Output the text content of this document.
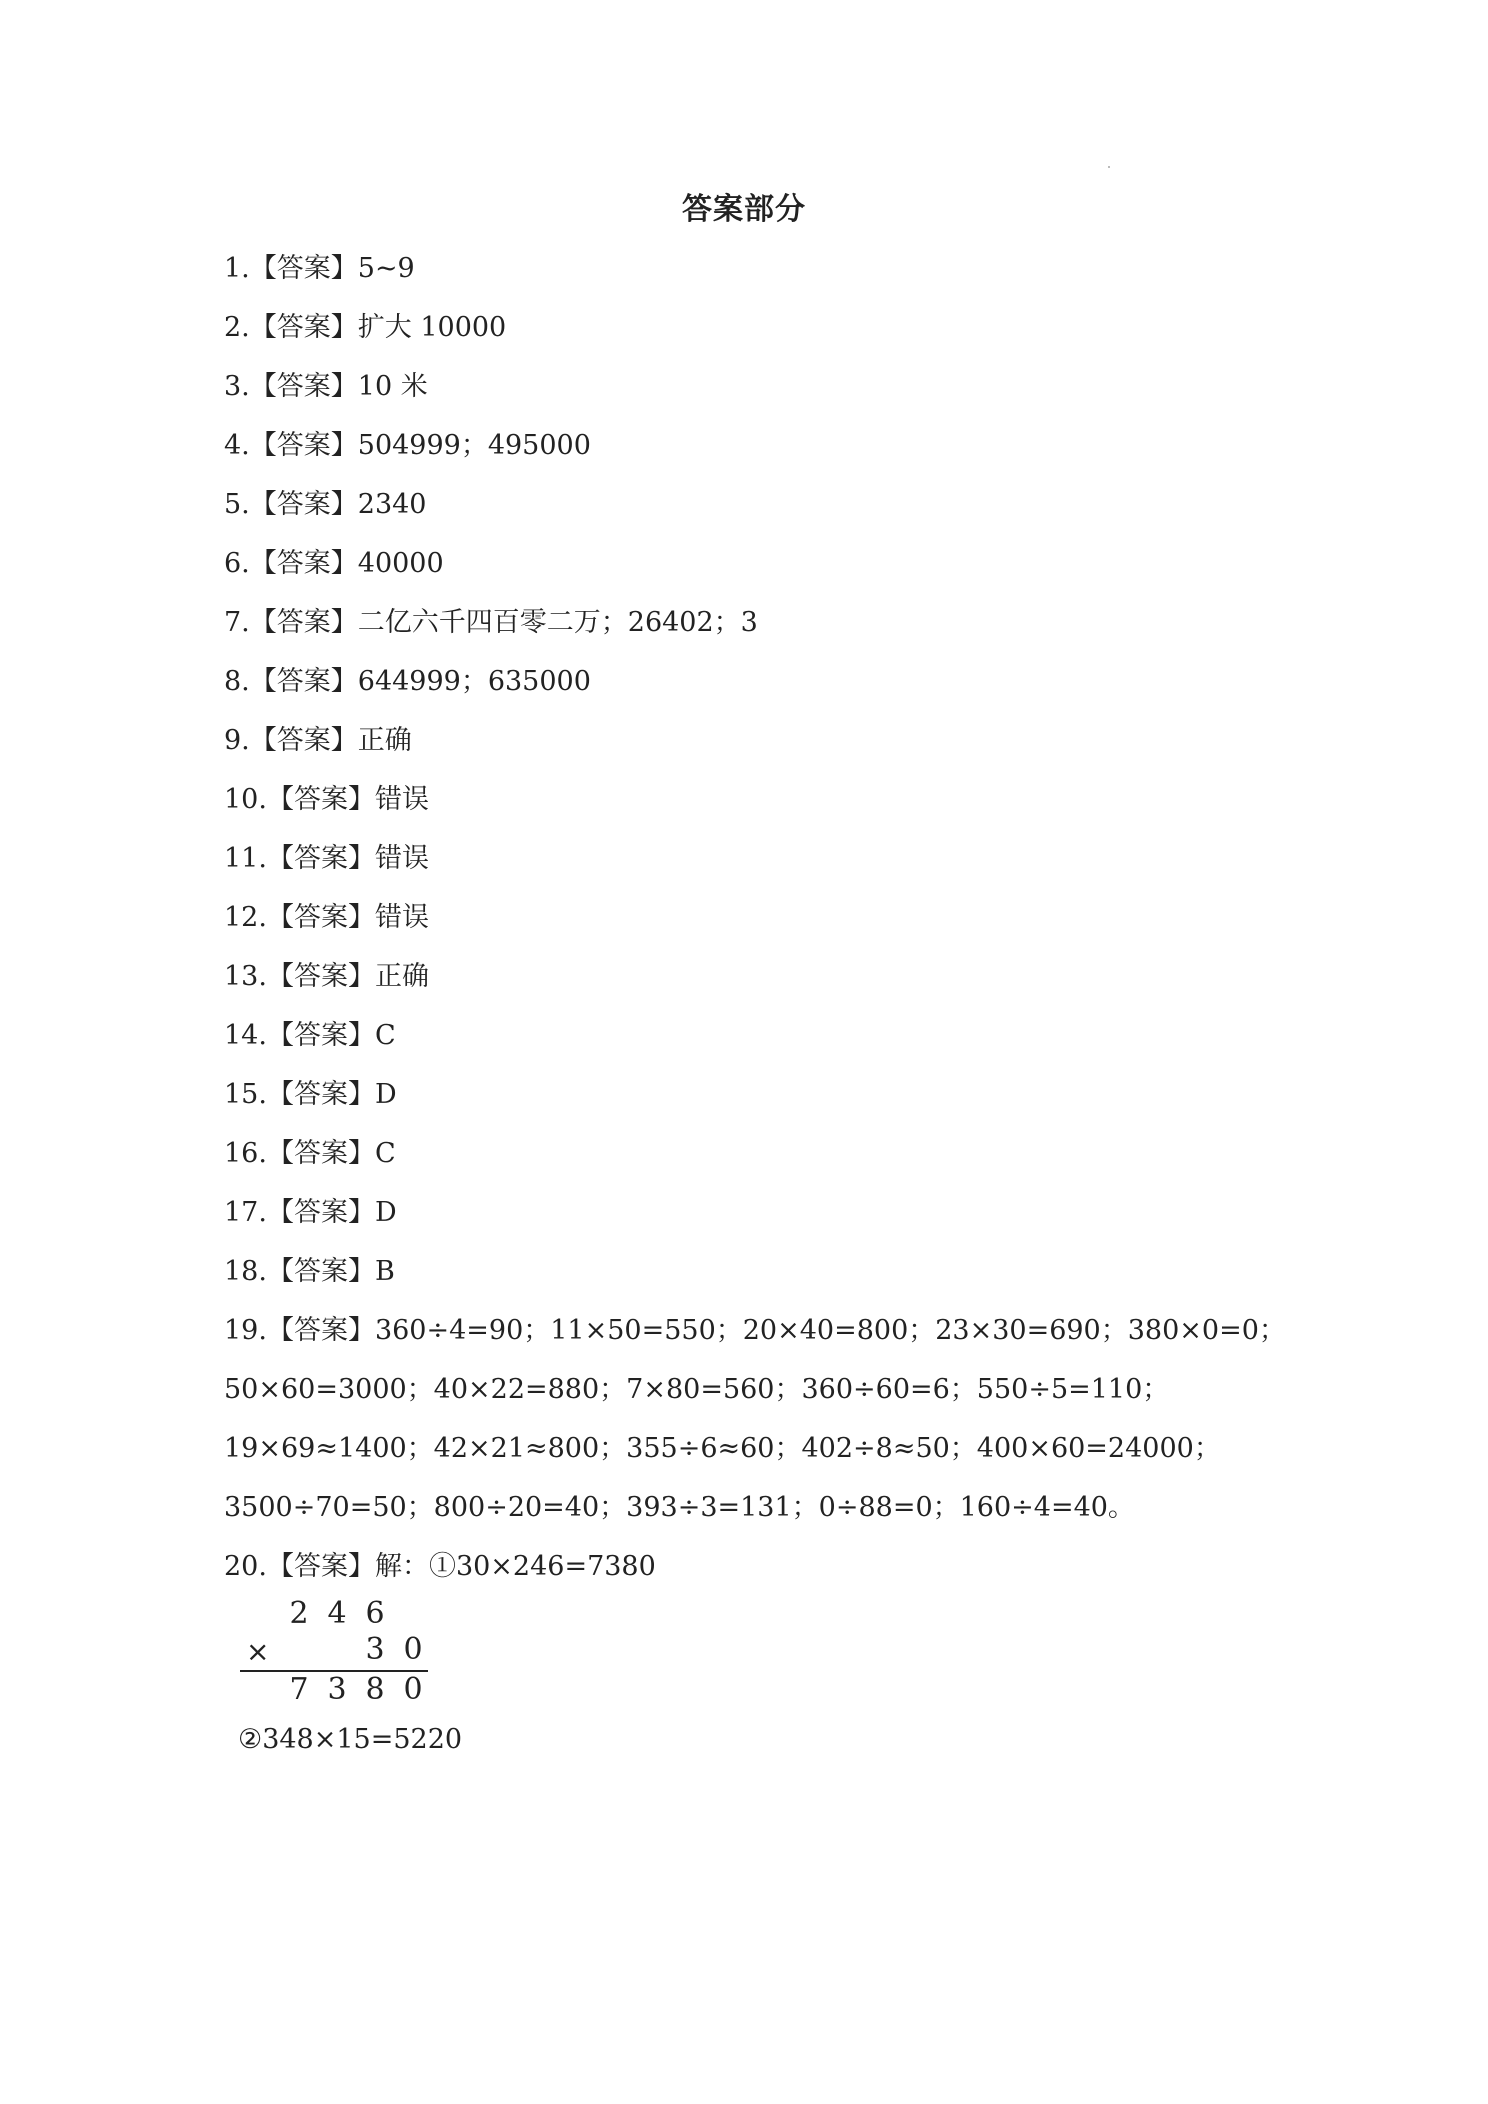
答案部分
1.【答案】5~9
2.【答案】扩大 10000
3.【答案】10 米
4.【答案】504999；495000
5.【答案】2340
6.【答案】40000
7.【答案】二亿六千四百零二万；26402；3
8.【答案】644999；635000
9.【答案】正确
10.【答案】错误
11.【答案】错误
12.【答案】错误
13.【答案】正确
14.【答案】C
15.【答案】D
16.【答案】C
17.【答案】D
18.【答案】B
19.【答案】360÷4=90；11×50=550；20×40=800；23×30=690；380×0=0；
50×60=3000；40×22=880；7×80=560；360÷60=6；550÷5=110；
19×69≈1400；42×21≈800；355÷6≈60；402÷8≈50；400×60=24000；
3500÷70=50；800÷20=40；393÷3=131；0÷88=0；160÷4=40。
20.【答案】解：①30×246=7380
2 4 6
×	3 0
7 3 8 0
②348×15=5220
